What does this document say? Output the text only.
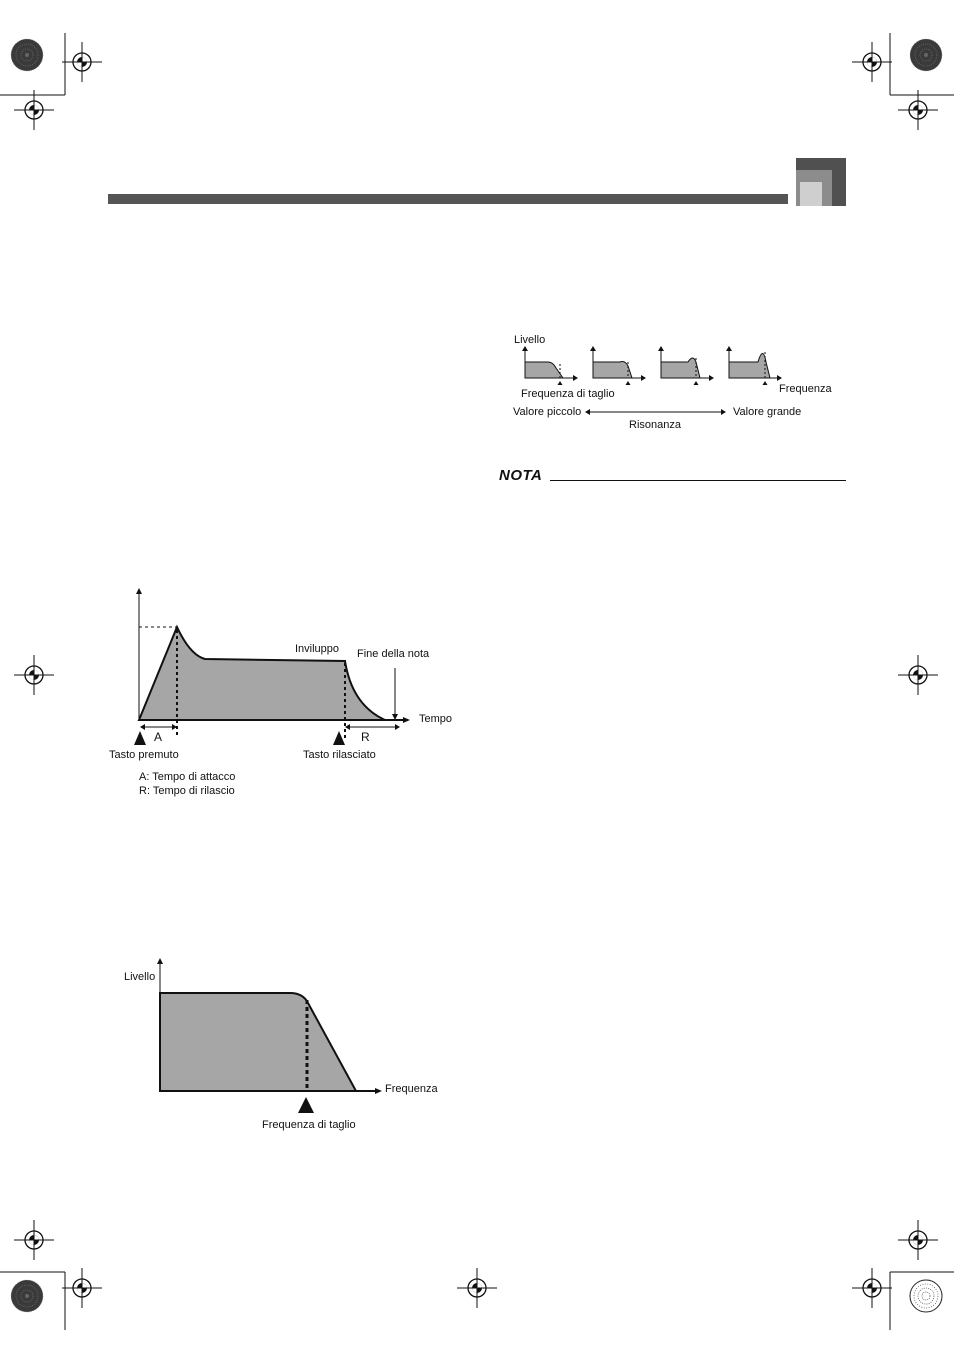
Livello
Frequenza di taglio	Frequenza
Valore piccolo	Valore grande
Risonanza
NOTA
Inviluppo Fine della nota
Tempo
A	R
Tasto premuto	Tasto rilasciato
A: Tempo di attacco
R: Tempo di rilascio
Livello
Frequenza
Frequenza di taglio
